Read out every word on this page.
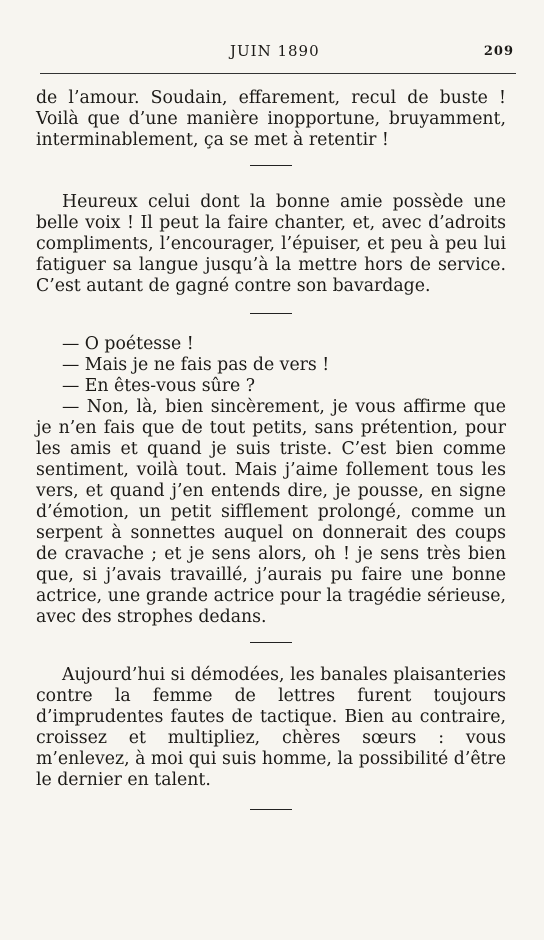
JUIN 1890	209

de l’amour. Soudain, effarement, recul de buste ! Voilà que d’une manière inopportune, bruyamment, interminablement, ça se met à retentir !

Heureux celui dont la bonne amie possède une belle voix ! Il peut la faire chanter, et, avec d’adroits compliments, l’encourager, l’épuiser, et peu à peu lui fatiguer sa langue jusqu’à la mettre hors de service. C’est autant de gagné contre son bavardage.

— O poétesse !

— Mais je ne fais pas de vers !

— En êtes-vous sûre ?

— Non, là, bien sincèrement, je vous affirme que je n’en fais que de tout petits, sans prétention, pour les amis et quand je suis triste. C’est bien comme sentiment, voilà tout. Mais j’aime follement tous les vers, et quand j’en entends dire, je pousse, en signe d’émotion, un petit sifflement prolongé, comme un serpent à sonnettes auquel on donnerait des coups de cravache ; et je sens alors, oh ! je sens très bien que, si j’avais travaillé, j’aurais pu faire une bonne actrice, une grande actrice pour la tragédie sérieuse, avec des strophes dedans.

Aujourd’hui si démodées, les banales plaisanteries contre la femme de lettres furent toujours d’imprudentes fautes de tactique. Bien au contraire, croissez et multipliez, chères sœurs : vous m’enlevez, à moi qui suis homme, la possibilité d’être le dernier en talent.
